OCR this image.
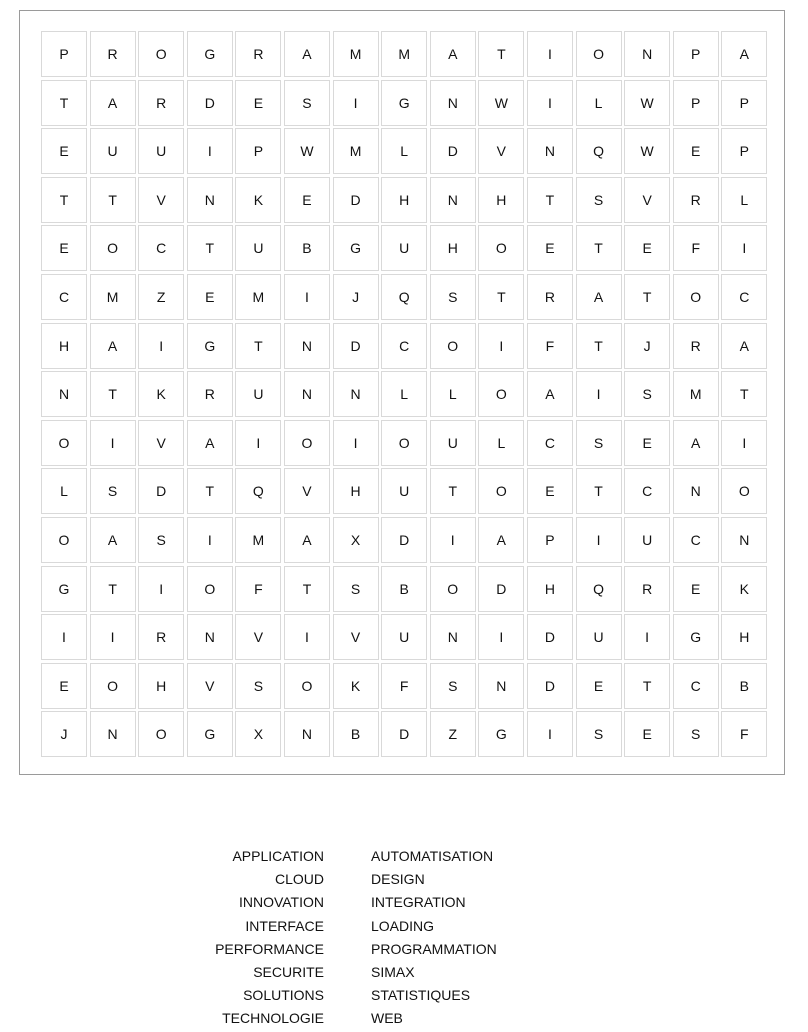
P	R	O	G	R	A	M	M	A	T	I	O	N	P	A
T	A	R	D	E	S	I	G	N	W	I	L	W	P	P
E	U	U	I	P	W	M	L	D	V	N	Q	W	E	P
T	T	V	N	K	E	D	H	N	H	T	S	V	R	L
E	O	C	T	U	B	G	U	H	O	E	T	E	F	I
C	M	Z	E	M	I	J	Q	S	T	R	A	T	O	C
H	A	I	G	T	N	D	C	O	I	F	T	J	R	A
N	T	K	R	U	N	N	L	L	O	A	I	S	M	T
O	I	V	A	I	O	I	O	U	L	C	S	E	A	I
L	S	D	T	Q	V	H	U	T	O	E	T	C	N	O
O	A	S	I	M	A	X	D	I	A	P	I	U	C	N
G	T	I	O	F	T	S	B	O	D	H	Q	R	E	K
I	I	R	N	V	I	V	U	N	I	D	U	I	G	H
E	O	H	V	S	O	K	F	S	N	D	E	T	C	B
J	N	O	G	X	N	B	D	Z	G	I	S	E	S	F
APPLICATION
CLOUD
INNOVATION
INTERFACE
PERFORMANCE
SECURITE
SOLUTIONS
TECHNOLOGIE
AUTOMATISATION
DESIGN
INTEGRATION
LOADING
PROGRAMMATION
SIMAX
STATISTIQUES
WEB
